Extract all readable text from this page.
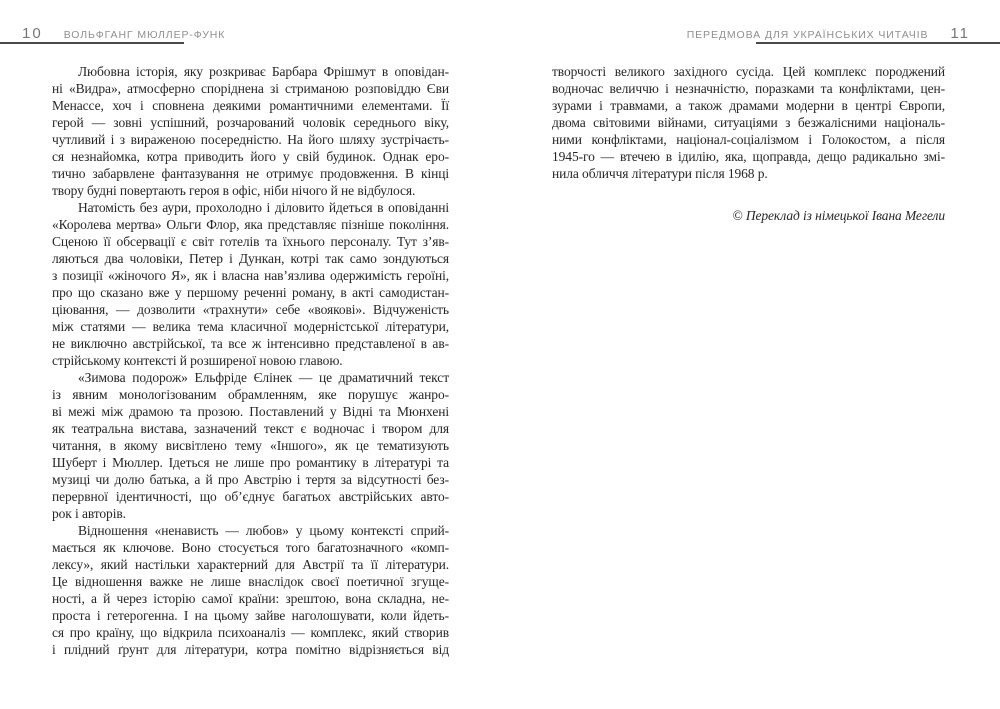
10 ВОЛЬФГАНГ МЮЛЛЕР-ФУНК	ПЕРЕДМОВА ДЛЯ УКРАЇНСЬКИХ ЧИТАЧІВ 11
Любовна історія, яку розкриває Барбара Фрішмут в оповідан-
ні «Видра», атмосферно споріднена зі стриманою розповіддю Єви
Менассе, хоч і сповнена деякими романтичними елементами. Її
герой — зовні успішний, розчарований чоловік середнього віку,
чутливий і з вираженою посередністю. На його шляху зустрічаєть-
ся незнайомка, котра приводить його у свій будинок. Однак еро-
тично забарвлене фантазування не отримує продовження. В кінці
твору будні повертають героя в офіс, ніби нічого й не відбулося.
Натомість без аури, прохолодно і діловито йдеться в оповіданні
«Королева мертва» Ольги Флор, яка представляє пізніше покоління.
Сценою її обсервації є світ готелів та їхнього персоналу. Тут з’яв-
ляються два чоловіки, Петер і Дункан, котрі так само зондуються
з позиції «жіночого Я», як і власна нав’язлива одержимість героїні,
про що сказано вже у першому реченні роману, в акті самодистан-
ціювання, — дозволити «трахнути» себе «воякові». Відчуженість
між статями — велика тема класичної модерністської літератури,
не виключно австрійської, та все ж інтенсивно представленої в ав-
стрійському контексті й розширеної новою главою.
«Зимова подорож» Ельфріде Єлінек — це драматичний текст
із явним монологізованим обрамленням, яке порушує жанро-
ві межі між драмою та прозою. Поставлений у Відні та Мюнхені
як театральна вистава, зазначений текст є водночас і твором для
читання, в якому висвітлено тему «Іншого», як це тематизують
Шуберт і Мюллер. Ідеться не лише про романтику в літературі та
музиці чи долю батька, а й про Австрію і тертя за відсутності без-
перервної ідентичності, що об’єднує багатьох австрійських авто-
рок і авторів.
Відношення «ненависть — любов» у цьому контексті сприй-
мається як ключове. Воно стосується того багатозначного «комп-
лексу», який настільки характерний для Австрії та її літератури.
Це відношення важке не лише внаслідок своєї поетичної згуще-
ності, а й через історію самої країни: зрештою, вона складна, не-
проста і гетерогенна. І на цьому зайве наголошувати, коли йдеть-
ся про країну, що відкрила психоаналіз — комплекс, який створив
і плідний ґрунт для літератури, котра помітно відрізняється від
творчості великого західного сусіда. Цей комплекс породжений
водночас величчю і незначністю, поразками та конфліктами, цен-
зурами і травмами, а також драмами модерни в центрі Європи,
двома світовими війнами, ситуаціями з безжалісними національ-
ними конфліктами, націонал-соціалізмом і Голокостом, а після
1945-го — втечею в ідилію, яка, щоправда, дещо радикально змі-
нила обличчя літератури після 1968 р.
© Переклад із німецької Івана Мегели
